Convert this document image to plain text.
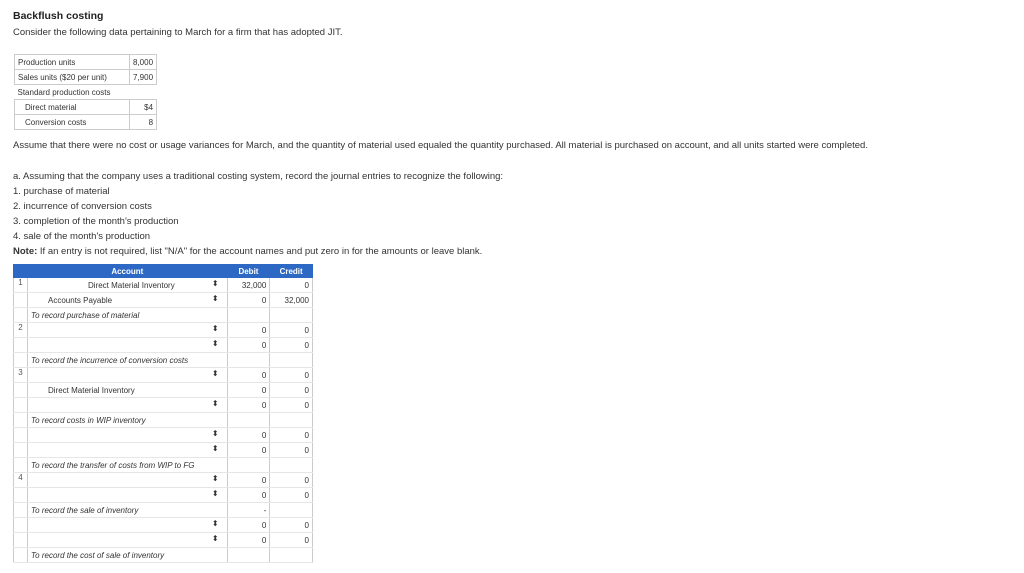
Backflush costing

Consider the following data pertaining to March for a firm that has adopted JIT.

Production units	8,000
Sales units ($20 per unit)	7,900
Standard production costs	
Direct material	$4
Conversion costs	8

Assume that there were no cost or usage variances for March, and the quantity of material used equaled the quantity purchased. All material is purchased on account, and all units started were completed.

a. Assuming that the company uses a traditional costing system, record the journal entries to recognize the following:

1. purchase of material

2. incurrence of conversion costs

3. completion of the month's production

4. sale of the month's production

Note: If an entry is not required, list "N/A" for the account names and put zero in for the amounts or leave blank.

	Account	Debit	Credit
1	Direct Material Inventory ⬍	32,000	0
	Accounts Payable ⬍	0	32,000
	To record purchase of material		
2	⬍	0	0

	⬍	0	0
	To record the incurrence of conversion costs		
3	⬍	0	0
	Direct Material Inventory	0	0

	⬍	0	0
	To record costs in WIP inventory		

	⬍	0	0

	⬍	0	0
	To record the transfer of costs from WIP to FG		
4	⬍	0	0

	⬍	0	0
	To record the sale of inventory	-	

	⬍	0	0

	⬍	0	0
	To record the cost of sale of inventory		
